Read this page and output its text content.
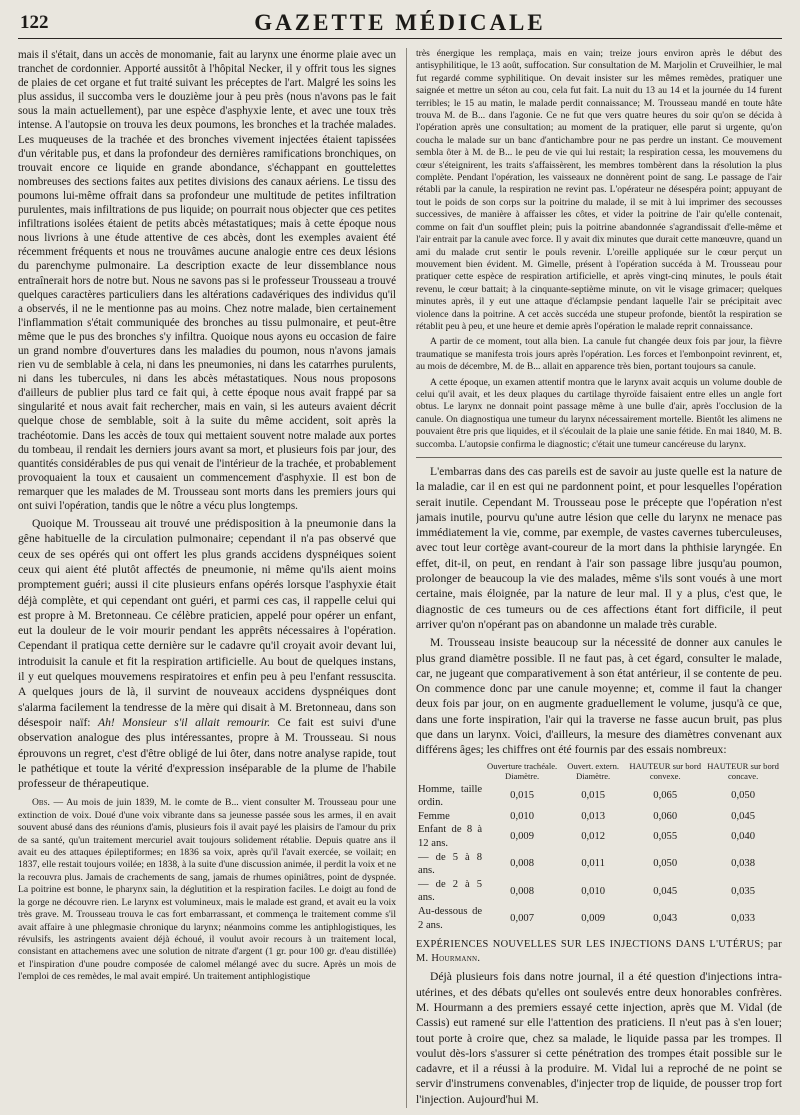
122	GAZETTE MÉDICALE

mais il s'était, dans un accès de monomanie, fait au larynx une énorme plaie avec un tranchet de cordonnier. Apporté aussitôt à l'hôpital Necker, il y offrit tous les signes de plaies de cet organe et fut traité suivant les préceptes de l'art. Malgré les soins les plus assidus, il succomba vers le douzième jour à peu près (nous n'avons pas le fait sous la main actuellement), par une espèce d'asphyxie lente, et avec une toux très intense. A l'autopsie on trouva les deux poumons, les bronches et la trachée malades. Les muqueuses de la trachée et des bronches vivement injectées étaient tapissées d'un véritable pus, et dans la profondeur des dernières ramifications bronchiques, on trouvait encore ce liquide en grande abondance, s'échappant en gouttelettes nombreuses des sections faites aux petites divisions des canaux aériens. Le tissu des poumons lui-même offrait dans sa profondeur une multitude de petites infiltration purulentes, mais infiltrations de pus liquide; on pourrait nous objecter que ces petites infiltrations isolées étaient de petits abcès métastatiques; mais à cette époque nous nous livrions à une étude attentive de ces abcès, dont les exemples avaient été récemment fréquents et nous ne trouvâmes aucune analogie entre ces deux lésions du parenchyme pulmonaire. La description exacte de leur dissemblance nous entraînerait hors de notre but. Nous ne savons pas si le professeur Trousseau a trouvé quelques caractères particuliers dans les altérations cadavériques des individus qu'il a observés, il ne le mentionne pas au moins. Chez notre malade, bien certainement l'inflammation s'était communiquée des bronches au tissu pulmonaire, et peut-être même que le pus des bronches s'y infiltra. Quoique nous ayons eu occasion de faire un grand nombre d'ouvertures dans les maladies du poumon, nous n'avons jamais rien vu de semblable à cela, ni dans les pneumonies, ni dans les catarrhes purulents, ni dans les tubercules, ni dans les abcès métastatiques. Nous nous proposons d'ailleurs de publier plus tard ce fait qui, à cette époque nous avait frappé par sa singularité et nous avait fait rechercher, mais en vain, si les auteurs avaient décrit quelque chose de semblable, soit à la suite du même accident, soit après la trachéotomie. Dans les accès de toux qui mettaient souvent notre malade aux portes du tombeau, il rendait les derniers jours avant sa mort, et plusieurs fois par jour, des quantités considérables de pus qui venait de l'intérieur de la trachée, et probablement provoquaient la toux et causaient un commencement d'asphyxie. Il est bon de remarquer que les malades de M. Trousseau sont morts dans les premiers jours qui ont suivi l'opération, tandis que le nôtre a vécu plus longtemps.

Quoique M. Trousseau ait trouvé une prédisposition à la pneumonie dans la gêne habituelle de la circulation pulmonaire; cependant il n'a pas observé que ceux de ses opérés qui ont offert les plus grands accidens dyspnéiques soient ceux qui aient été plutôt affectés de pneumonie, ni même qu'ils aient moins promptement guéri; aussi il cite plusieurs enfans opérés lorsque l'asphyxie était déjà complète, et qui cependant ont guéri, et parmi ces cas, il rappelle celui qui est propre à M. Bretonneau. Ce célèbre praticien, appelé pour opérer un enfant, eut la douleur de le voir mourir pendant les apprêts nécessaires à l'opération. Cependant il pratiqua cette dernière sur le cadavre qu'il croyait avoir devant lui, introduisit la canule et fit la respiration artificielle. Au bout de quelques instans, il y eut quelques mouvemens respiratoires et enfin peu à peu l'enfant ressuscita. A quelques jours de là, il survint de nouveaux accidens dyspnéiques dont s'alarma facilement la tendresse de la mère qui disait à M. Bretonneau, dans son désespoir naïf: Ah! Monsieur s'il allait remourir. Ce fait est suivi d'une observation analogue des plus intéressantes, propre à M. Trousseau. Si nous éprouvons un regret, c'est d'être obligé de lui ôter, dans notre analyse rapide, tout le pathétique et toute la vérité d'expression inséparable de la plume de l'habile professeur de thérapeutique.

Obs. — Au mois de juin 1839, M. le comte de B... vient consulter M. Trousseau pour une extinction de voix. Doué d'une voix vibrante dans sa jeunesse passée sous les armes, il en avait souvent abusé dans des réunions d'amis, plusieurs fois il avait payé les plaisirs de l'amour du prix de sa santé, qu'un traitement mercuriel avait toujours solidement rétablie. Depuis quatre ans il avait eu des attaques épileptiformes; en 1836 sa voix, après qu'il l'avait exercée, se voilait; en 1837, elle restait toujours voilée; en 1838, à la suite d'une discussion animée, il perdit la voix et ne la recouvra plus. Jamais de crachements de sang, jamais de rhumes opiniâtres, point de dyspnée. La poitrine est bonne, le pharynx sain, la déglutition et la respiration faciles. Le doigt au fond de la gorge ne découvre rien. Le larynx est volumineux, mais le malade est grand, et avait eu la voix très grave. M. Trousseau trouva le cas fort embarrassant, et commença le traitement comme s'il avait affaire à une phlegmasie chronique du larynx; néanmoins comme les antiphlogistiques, les révulsifs, les astringents avaient déjà échoué, il voulut avoir recours à un traitement local, consistant en attachemens avec une solution de nitrate d'argent (1 gr. pour 100 gr. d'eau distillée) et l'inspiration d'une poudre composée de calomel mélangé avec du sucre. Après un mois de l'emploi de ces remèdes, le mal avait empiré. Un traitement antiphlogistique

très énergique les remplaça, mais en vain; treize jours environ après le début des antisyphilitique, le 13 août, suffocation. Sur consultation de M. Marjolin et Cruveilhier, le mal fut regardé comme syphilitique. On devait insister sur les mêmes remèdes, pratiquer une saignée et mettre un séton au cou, cela fut fait. La nuit du 13 au 14 et la journée du 14 furent terribles; le 15 au matin, le malade perdit connaissance; M. Trousseau mandé en toute hâte trouva M. de B... dans l'agonie. Ce ne fut que vers quatre heures du soir qu'on se décida à l'opération après une consultation; au moment de la pratiquer, elle parut si urgente, qu'on coucha le malade sur un banc d'antichambre pour ne pas perdre un instant. Ce mouvement sembla ôter à M. de B... le peu de vie qui lui restait; la respiration cessa, les mouvemens du cœur s'éteignirent, les traits s'affaissèrent, les membres tombèrent dans la résolution la plus complète. Pendant l'opération, les vaisseaux ne donnèrent point de sang. Le passage de l'air rétabli par la canule, la respiration ne revint pas. L'opérateur ne désespéra point; appuyant de tout le poids de son corps sur la poitrine du malade, il se mit à lui imprimer des secousses successives, de manière à affaisser les côtes, et vider la poitrine de l'air qu'elle contenait, comme on fait d'un soufflet plein; puis la poitrine abandonnée s'agrandissait d'elle-même et l'air entrait par la canule avec force. Il y avait dix minutes que durait cette manœuvre, quand un ami du malade crut sentir le pouls revenir. L'oreille appliquée sur le cœur perçut un mouvement bien évident. M. Gimelle, présent à l'opération succéda à M. Trousseau pour pratiquer cette espèce de respiration artificielle, et après vingt-cinq minutes, le pouls était revenu, le cœur battait; à la cinquante-septième minute, on vit le visage grimacer; quelques minutes après, il y eut une attaque d'éclampsie pendant laquelle l'air se précipitait avec violence dans la poitrine. A cet accès succéda une stupeur profonde, bientôt la respiration se rétablit peu à peu, et une heure et demie après l'opération le malade reprit connaissance.

A partir de ce moment, tout alla bien. La canule fut changée deux fois par jour, la fièvre traumatique se manifesta trois jours après l'opération. Les forces et l'embonpoint revinrent, et, au mois de décembre, M. de B... allait en apparence très bien, portant toujours sa canule.

A cette époque, un examen attentif montra que le larynx avait acquis un volume double de celui qu'il avait, et les deux plaques du cartilage thyroïde faisaient entre elles un angle fort obtus. Le larynx ne donnait point passage même à une bulle d'air, après l'occlusion de la canule. On diagnostiqua une tumeur du larynx nécessairement mortelle. Bientôt les alimens ne pouvaient être pris que liquides, et il s'écoulait de la plaie une sanie fétide. En mai 1840, M. B. succomba. L'autopsie confirma le diagnostic; c'était une tumeur cancéreuse du larynx.

L'embarras dans des cas pareils est de savoir au juste quelle est la nature de la maladie, car il en est qui ne pardonnent point, et pour lesquelles l'opération serait inutile. Cependant M. Trousseau pose le précepte que l'opération n'est jamais inutile, pourvu qu'une autre lésion que celle du larynx ne menace pas immédiatement la vie, comme, par exemple, de vastes cavernes tuberculeuses, avec tout leur cortège avant-coureur de la mort dans la phthisie laryngée. En effet, dit-il, on peut, en rendant à l'air son passage libre jusqu'au poumon, prolonger de beaucoup la vie des malades, même s'ils sont voués à une mort certaine, mais éloignée, par la nature de leur mal. Il y a plus, c'est que, le diagnostic de ces tumeurs ou de ces affections étant fort difficile, il peut arriver qu'on n'opérant pas on abandonne un malade très curable.

M. Trousseau insiste beaucoup sur la nécessité de donner aux canules le plus grand diamètre possible. Il ne faut pas, à cet égard, consulter le malade, car, ne jugeant que comparativement à son état antérieur, il se contente de peu. On commence donc par une canule moyenne; et, comme il faut la changer deux fois par jour, on en augmente graduellement le volume, jusqu'à ce que, dans une forte inspiration, l'air qui la traverse ne fasse aucun bruit, pas plus que dans un larynx. Voici, d'ailleurs, la mesure des diamètres convenant aux différens âges; les chiffres ont été fournis par des essais nombreux:

	Ouverture trachéale. Diamètre.	Ouvert. extern. Diamètre.	HAUTEUR sur bord convexe.	HAUTEUR sur bord concave.
Homme, taille ordin.	0,015	0,015	0,065	0,050
Femme	0,010	0,013	0,060	0,045
Enfant de 8 à 12 ans.	0,009	0,012	0,055	0,040
— de 5 à 8 ans.	0,008	0,011	0,050	0,038
— de 2 à 5 ans.	0,008	0,010	0,045	0,035
Au-dessous de 2 ans.	0,007	0,009	0,043	0,033

EXPÉRIENCES NOUVELLES SUR LES INJECTIONS DANS L'UTÉRUS; par M. Hourmann.

Déjà plusieurs fois dans notre journal, il a été question d'injections intra-utérines, et des débats qu'elles ont soulevés entre deux honorables confrères. M. Hourmann a des premiers essayé cette injection, après que M. Vidal (de Cassis) eut ramené sur elle l'attention des praticiens. Il n'eut pas à s'en louer; tout porte à croire que, chez sa malade, le liquide passa par les trompes. Il voulut dès-lors s'assurer si cette pénétration des trompes était possible sur le cadavre, et il a réussi à la produire. M. Vidal lui a reproché de ne point se servir d'instrumens convenables, d'injecter trop de liquide, de pousser trop fort l'injection. Aujourd'hui M.
